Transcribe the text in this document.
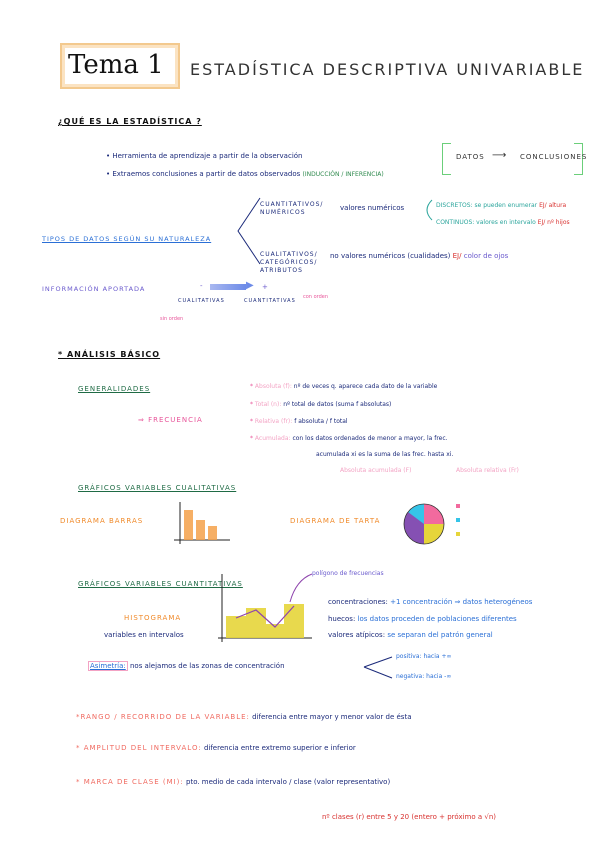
Tema 1 ESTADÍSTICA DESCRIPTIVA UNIVARIABLE
¿QUÉ ES LA ESTADÍSTICA ?
• Herramienta de aprendizaje a partir de la observación
• Extraemos conclusiones a partir de datos observados (INDUCCIÓN / INFERENCIA)
DATOS ⟶ CONCLUSIONES
TIPOS DE DATOS SEGÚN SU NATURALEZA
CUANTITATIVOS/ NUMÉRICOS
valores numéricos	DISCRETOS: se pueden enumerar EJ/ altura
CONTINUOS: valores en intervalo EJ/ nº hijos
CUALITATIVOS/ CATEGÓRICOS/ ATRIBUTOS
no valores numéricos (cualidades) EJ/ color de ojos
INFORMACIÓN APORTADA	-	▶ +
CUALITATIVAS	CUANTITATIVAS
con orden
sin orden
* ANÁLISIS BÁSICO
GENERALIDADES
⇒ FRECUENCIA
* Absoluta (f): nº de veces q. aparece cada dato de la variable
* Total (n): nº total de datos (suma f absolutas)
* Relativa (fr): f absoluta / f total
* Acumulada: con los datos ordenados de menor a mayor, la frec.
acumulada xi es la suma de las frec. hasta xi.
Absoluta acumulada (F)	Absoluta relativa (Fr)
GRÁFICOS VARIABLES CUALITATIVAS
DIAGRAMA BARRAS	DIAGRAMA DE TARTA
GRÁFICOS VARIABLES CUANTITATIVAS
polígono de frecuencias
HISTOGRAMA
variables en intervalos
concentraciones: +1 concentración ⇒ datos heterogéneos
huecos: los datos proceden de poblaciones diferentes
valores atípicos: se separan del patrón general
Asimetría: nos alejamos de las zonas de concentración
positiva: hacia +∞
negativa: hacia -∞
*RANGO / RECORRIDO DE LA VARIABLE: diferencia entre mayor y menor valor de ésta
* AMPLITUD DEL INTERVALO: diferencia entre extremo superior e inferior
* MARCA DE CLASE (MI): pto. medio de cada intervalo / clase (valor representativo)
nº clases (r) entre 5 y 20 (entero + próximo a √n)
